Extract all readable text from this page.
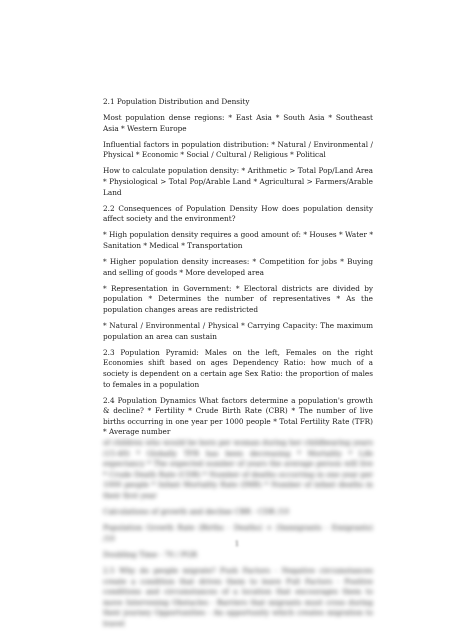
2.1 Population Distribution and Density

Most population dense regions: * East Asia * South Asia * Southeast Asia * Western Europe

Influential factors in population distribution: * Natural / Environmental / Physical * Economic * Social / Cultural / Religious * Political

How to calculate population density: * Arithmetic > Total Pop/Land Area * Physiological > Total Pop/Arable Land * Agricultural > Farmers/Arable Land

2.2 Consequences of Population Density How does population density affect society and the environment?

* High population density requires a good amount of: * Houses * Water * Sanitation * Medical * Transportation

* Higher population density increases: * Competition for jobs * Buying and selling of goods * More developed area

* Representation in Government: * Electoral districts are divided by population * Determines the number of representatives * As the population changes areas are redistricted

* Natural / Environmental / Physical * Carrying Capacity: The maximum population an area can sustain

2.3 Population Pyramid: Males on the left, Females on the right Economies shift based on ages Dependency Ratio: how much of a society is dependent on a certain age Sex Ratio: the proportion of males to females in a population

2.4 Population Dynamics What factors determine a population's growth & decline? * Fertility * Crude Birth Rate (CBR) * The number of live births occurring in one year per 1000 people * Total Fertility Rate (TFR) * Average number

of children who would be born per woman during her childbearing years (15-49) * Globally TFR has been decreasing * Mortality * Life expectancy * The expected number of years the average person will live * Crude Death Rate (CDR) * Number of deaths occurring in one year per 1000 people * Infant Mortality Rate (IMR) * Number of infant deaths in their first year

Calculations of growth and decline CBR - CDR /10

Population Growth Rate (Births - Deaths) + (Immigrants - Emigrants) /10

Doubling Time - 70 / PGR

2.5 Why do people migrate? Push Factors - Negative circumstances create a condition that drives them to leave Pull Factors - Positive conditions and circumstances of a location that encourages them to move Intervening Obstacles - Barriers that migrants must cross during their journey Opportunities - An opportunity which creates migration to travel

1
